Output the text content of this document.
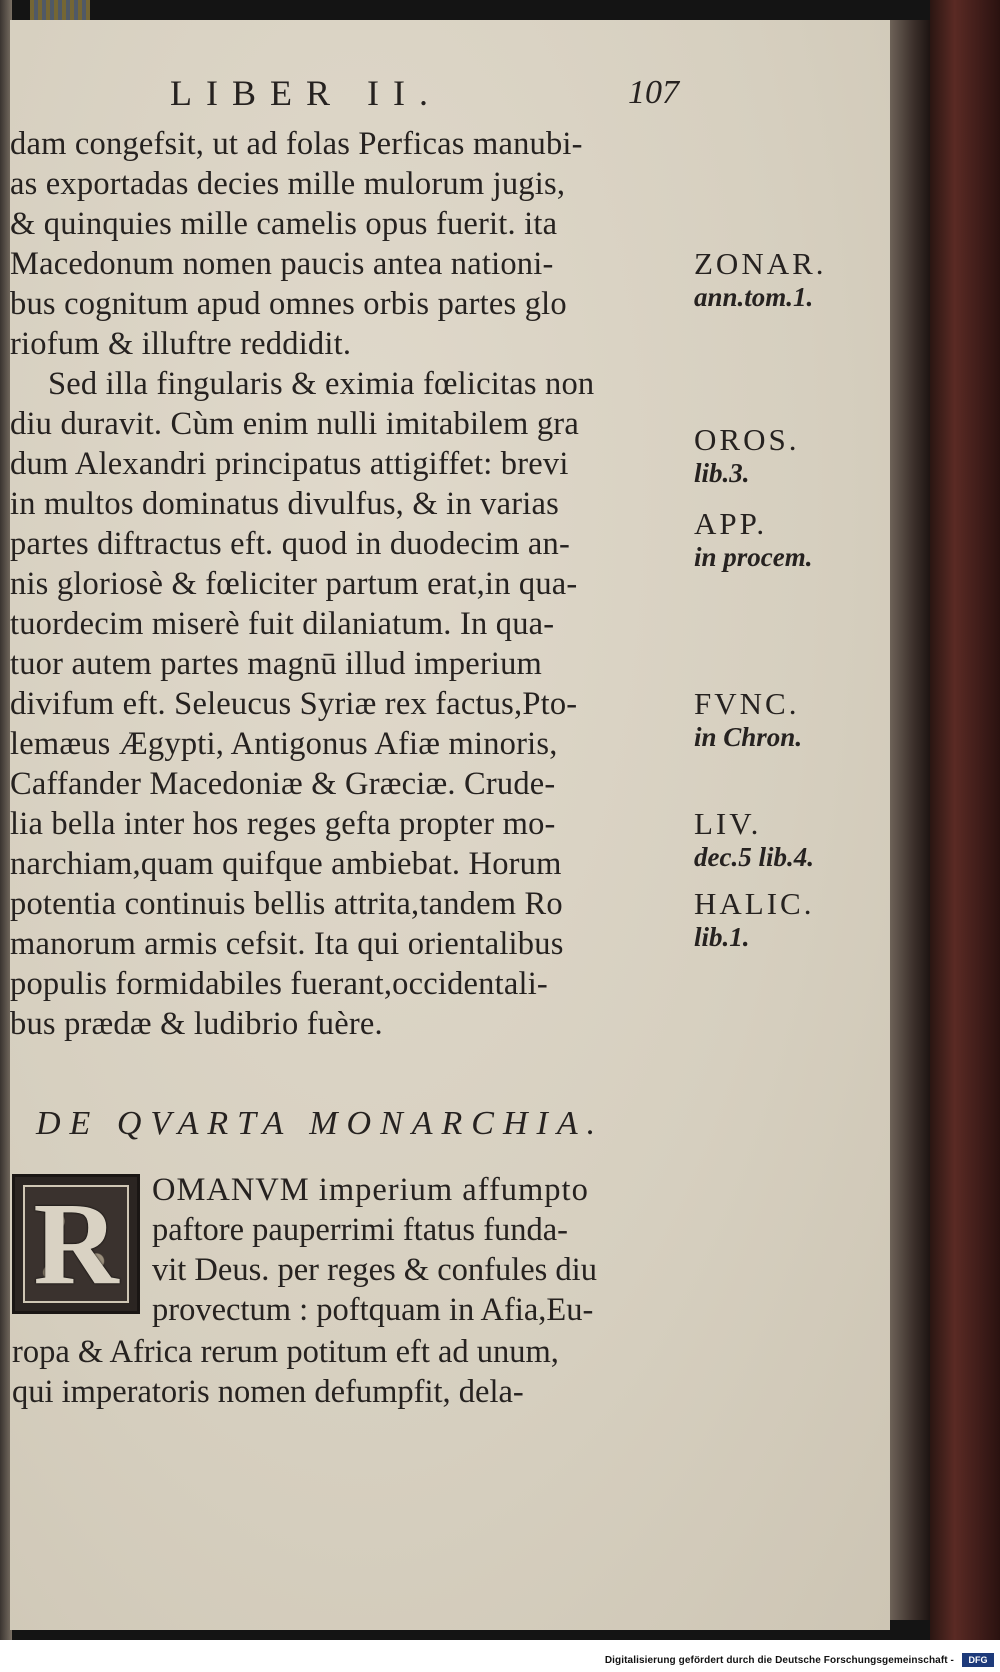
LIBER II.	107
dam congefsit, ut ad folas Perficas manubi-
as exportadas decies mille mulorum jugis,
& quinquies mille camelis opus fuerit. ita
Macedonum nomen paucis antea nationi-
bus cognitum apud omnes orbis partes glo
riofum & illuftre reddidit.
Sed illa fingularis & eximia fœlicitas non
diu duravit. Cùm enim nulli imitabilem gra
dum Alexandri principatus attigiffet: brevi
in multos dominatus divulfus, & in varias
partes diftractus eft. quod in duodecim an-
nis gloriosè & fœliciter partum erat,in qua-
tuordecim miserè fuit dilaniatum. In qua-
tuor autem partes magnū illud imperium
divifum eft. Seleucus Syriæ rex factus,Pto-
lemæus Ægypti, Antigonus Afiæ minoris,
Caffander Macedoniæ & Græciæ. Crude-
lia bella inter hos reges gefta propter mo-
narchiam,quam quifque ambiebat. Horum
potentia continuis bellis attrita,tandem Ro
manorum armis cefsit. Ita qui orientalibus
populis formidabiles fuerant,occidentali-
bus prædæ & ludibrio fuère.
ZONAR.
ann.tom.1.
OROS.
lib.3.
APP.
in procem.
FVNC.
in Chron.
LIV.
dec.5 lib.4.
HALIC.
lib.1.
DE QVARTA MONARCHIA.
R OMANVM imperium affumpto
paftore pauperrimi ftatus funda-
vit Deus. per reges & confules diu
provectum : poftquam in Afia,Eu-
ropa & Africa rerum potitum eft ad unum,
qui imperatoris nomen defumpfit, dela-
Digitalisierung gefördert durch die Deutsche Forschungsgemeinschaft -	DFG
